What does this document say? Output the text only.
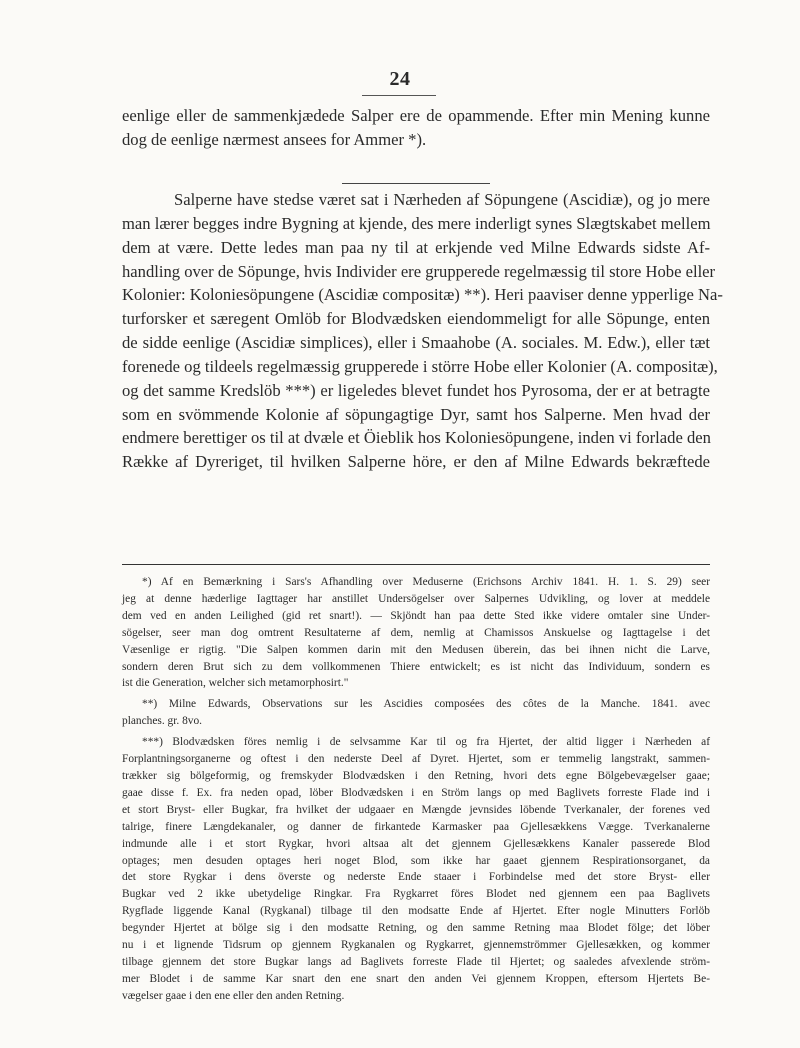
24
eenlige eller de sammenkjædede Salper ere de opammende. Efter min Mening kunne
dog de eenlige nærmest ansees for Ammer *).
Salperne have stedse været sat i Nærheden af Söpungene (Ascidiæ), og jo mere
man lærer begges indre Bygning at kjende, des mere inderligt synes Slægtskabet mellem
dem at være. Dette ledes man paa ny til at erkjende ved Milne Edwards sidste Af-
handling over de Söpunge, hvis Individer ere grupperede regelmæssig til store Hobe eller
Kolonier: Koloniesöpungene (Ascidiæ compositæ) **). Heri paaviser denne ypperlige Na-
turforsker et særegent Omlöb for Blodvædsken eiendommeligt for alle Söpunge, enten
de sidde eenlige (Ascidiæ simplices), eller i Smaahobe (A. sociales. M. Edw.), eller tæt
forenede og tildeels regelmæssig grupperede i större Hobe eller Kolonier (A. compositæ),
og det samme Kredslöb ***) er ligeledes blevet fundet hos Pyrosoma, der er at betragte
som en svömmende Kolonie af söpungagtige Dyr, samt hos Salperne. Men hvad der
endmere berettiger os til at dvæle et Öieblik hos Koloniesöpungene, inden vi forlade den
Række af Dyreriget, til hvilken Salperne höre, er den af Milne Edwards bekræftede
*) Af en Bemærkning i Sars's Afhandling over Meduserne (Erichsons Archiv 1841. H. 1. S. 29) seer
jeg at denne hæderlige Iagttager har anstillet Undersögelser over Salpernes Udvikling, og lover at meddele
dem ved en anden Leilighed (gid ret snart!). — Skjöndt han paa dette Sted ikke videre omtaler sine Under-
sögelser, seer man dog omtrent Resultaterne af dem, nemlig at Chamissos Anskuelse og Iagttagelse i det
Væsenlige er rigtig. "Die Salpen kommen darin mit den Medusen überein, das bei ihnen nicht die Larve,
sondern deren Brut sich zu dem vollkommenen Thiere entwickelt; es ist nicht das Individuum, sondern es
ist die Generation, welcher sich metamorphosirt."
**) Milne Edwards, Observations sur les Ascidies composées des côtes de la Manche. 1841. avec
planches. gr. 8vo.
***) Blodvædsken föres nemlig i de selvsamme Kar til og fra Hjertet, der altid ligger i Nærheden af
Forplantningsorganerne og oftest i den nederste Deel af Dyret. Hjertet, som er temmelig langstrakt, sammen-
trækker sig bölgeformig, og fremskyder Blodvædsken i den Retning, hvori dets egne Bölgebevægelser gaae;
gaae disse f. Ex. fra neden opad, löber Blodvædsken i en Ström langs op med Baglivets forreste Flade ind i
et stort Bryst- eller Bugkar, fra hvilket der udgaaer en Mængde jevnsides löbende Tverkanaler, der forenes ved
talrige, finere Længdekanaler, og danner de firkantede Karmasker paa Gjellesækkens Vægge. Tverkanalerne
indmunde alle i et stort Rygkar, hvori altsaa alt det gjennem Gjellesækkens Kanaler passerede Blod
optages; men desuden optages heri noget Blod, som ikke har gaaet gjennem Respirationsorganet, da
det store Rygkar i dens överste og nederste Ende staaer i Forbindelse med det store Bryst- eller
Bugkar ved 2 ikke ubetydelige Ringkar. Fra Rygkarret föres Blodet ned gjennem een paa Baglivets
Rygflade liggende Kanal (Rygkanal) tilbage til den modsatte Ende af Hjertet. Efter nogle Minutters Forlöb
begynder Hjertet at bölge sig i den modsatte Retning, og den samme Retning maa Blodet fölge; det löber
nu i et lignende Tidsrum op gjennem Rygkanalen og Rygkarret, gjennemströmmer Gjellesækken, og kommer
tilbage gjennem det store Bugkar langs ad Baglivets forreste Flade til Hjertet; og saaledes afvexlende ström-
mer Blodet i de samme Kar snart den ene snart den anden Vei gjennem Kroppen, eftersom Hjertets Be-
vægelser gaae i den ene eller den anden Retning.
